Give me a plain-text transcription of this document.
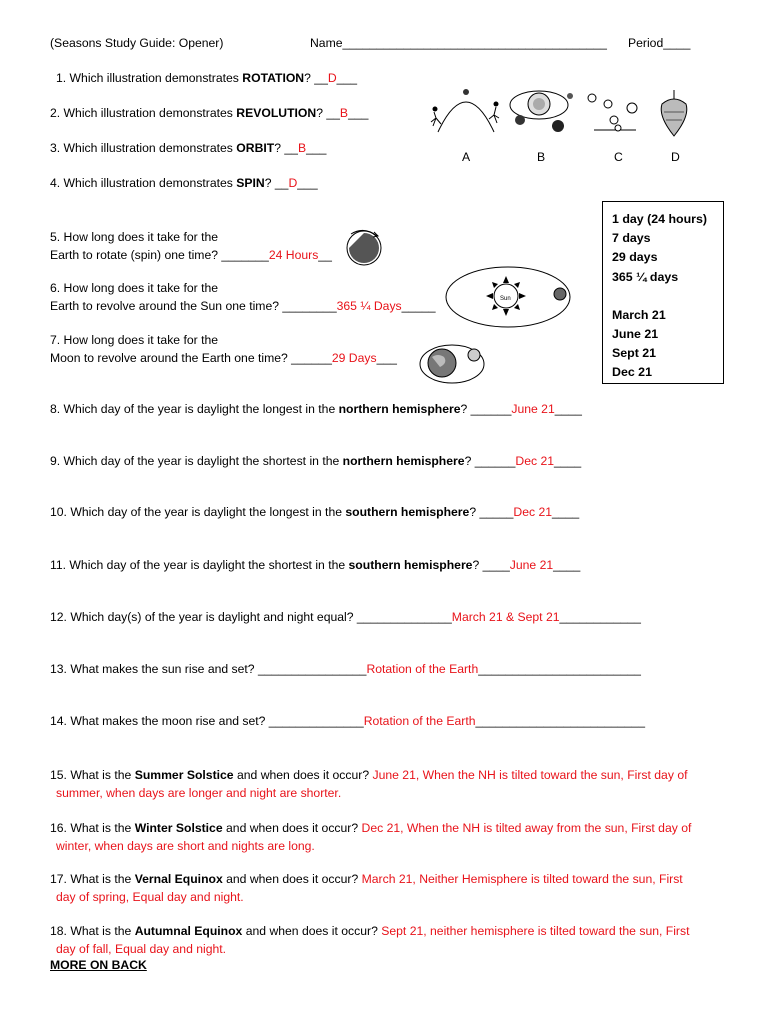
(Seasons Study Guide: Opener)	Name_______________________________________ Period____
1. Which illustration demonstrates ROTATION? __D___
2. Which illustration demonstrates REVOLUTION? __B___
3. Which illustration demonstrates ORBIT? __B___
4. Which illustration demonstrates SPIN? __D___
A	B	C	D
5. How long does it take for the
Earth to rotate (spin) one time? _______24 Hours__
6. How long does it take for the
Earth to revolve around the Sun one time? ________365 ¼ Days_____	Sun
7. How long does it take for the
Moon to revolve around the Earth one time? ______29 Days___
1 day (24 hours)
7 days
29 days
365 ¼ days
March 21
June 21
Sept 21
Dec 21
8. Which day of the year is daylight the longest in the northern hemisphere? ______June 21____
9. Which day of the year is daylight the shortest in the northern hemisphere? ______Dec 21____
10. Which day of the year is daylight the longest in the southern hemisphere? _____Dec 21____
11. Which day of the year is daylight the shortest in the southern hemisphere? ____June 21____
12. Which day(s) of the year is daylight and night equal? ______________March 21 & Sept 21____________
13. What makes the sun rise and set? ________________Rotation of the Earth________________________
14. What makes the moon rise and set? ______________Rotation of the Earth_________________________
15. What is the Summer Solstice and when does it occur? June 21, When the NH is tilted toward the sun, First day of
summer, when days are longer and night are shorter.
16. What is the Winter Solstice and when does it occur? Dec 21, When the NH is tilted away from the sun, First day of
winter, when days are short and nights are long.
17. What is the Vernal Equinox and when does it occur? March 21, Neither Hemisphere is tilted toward the sun, First
day of spring, Equal day and night.
18. What is the Autumnal Equinox and when does it occur? Sept 21, neither hemisphere is tilted toward the sun, First
day of fall, Equal day and night.
MORE ON BACK
